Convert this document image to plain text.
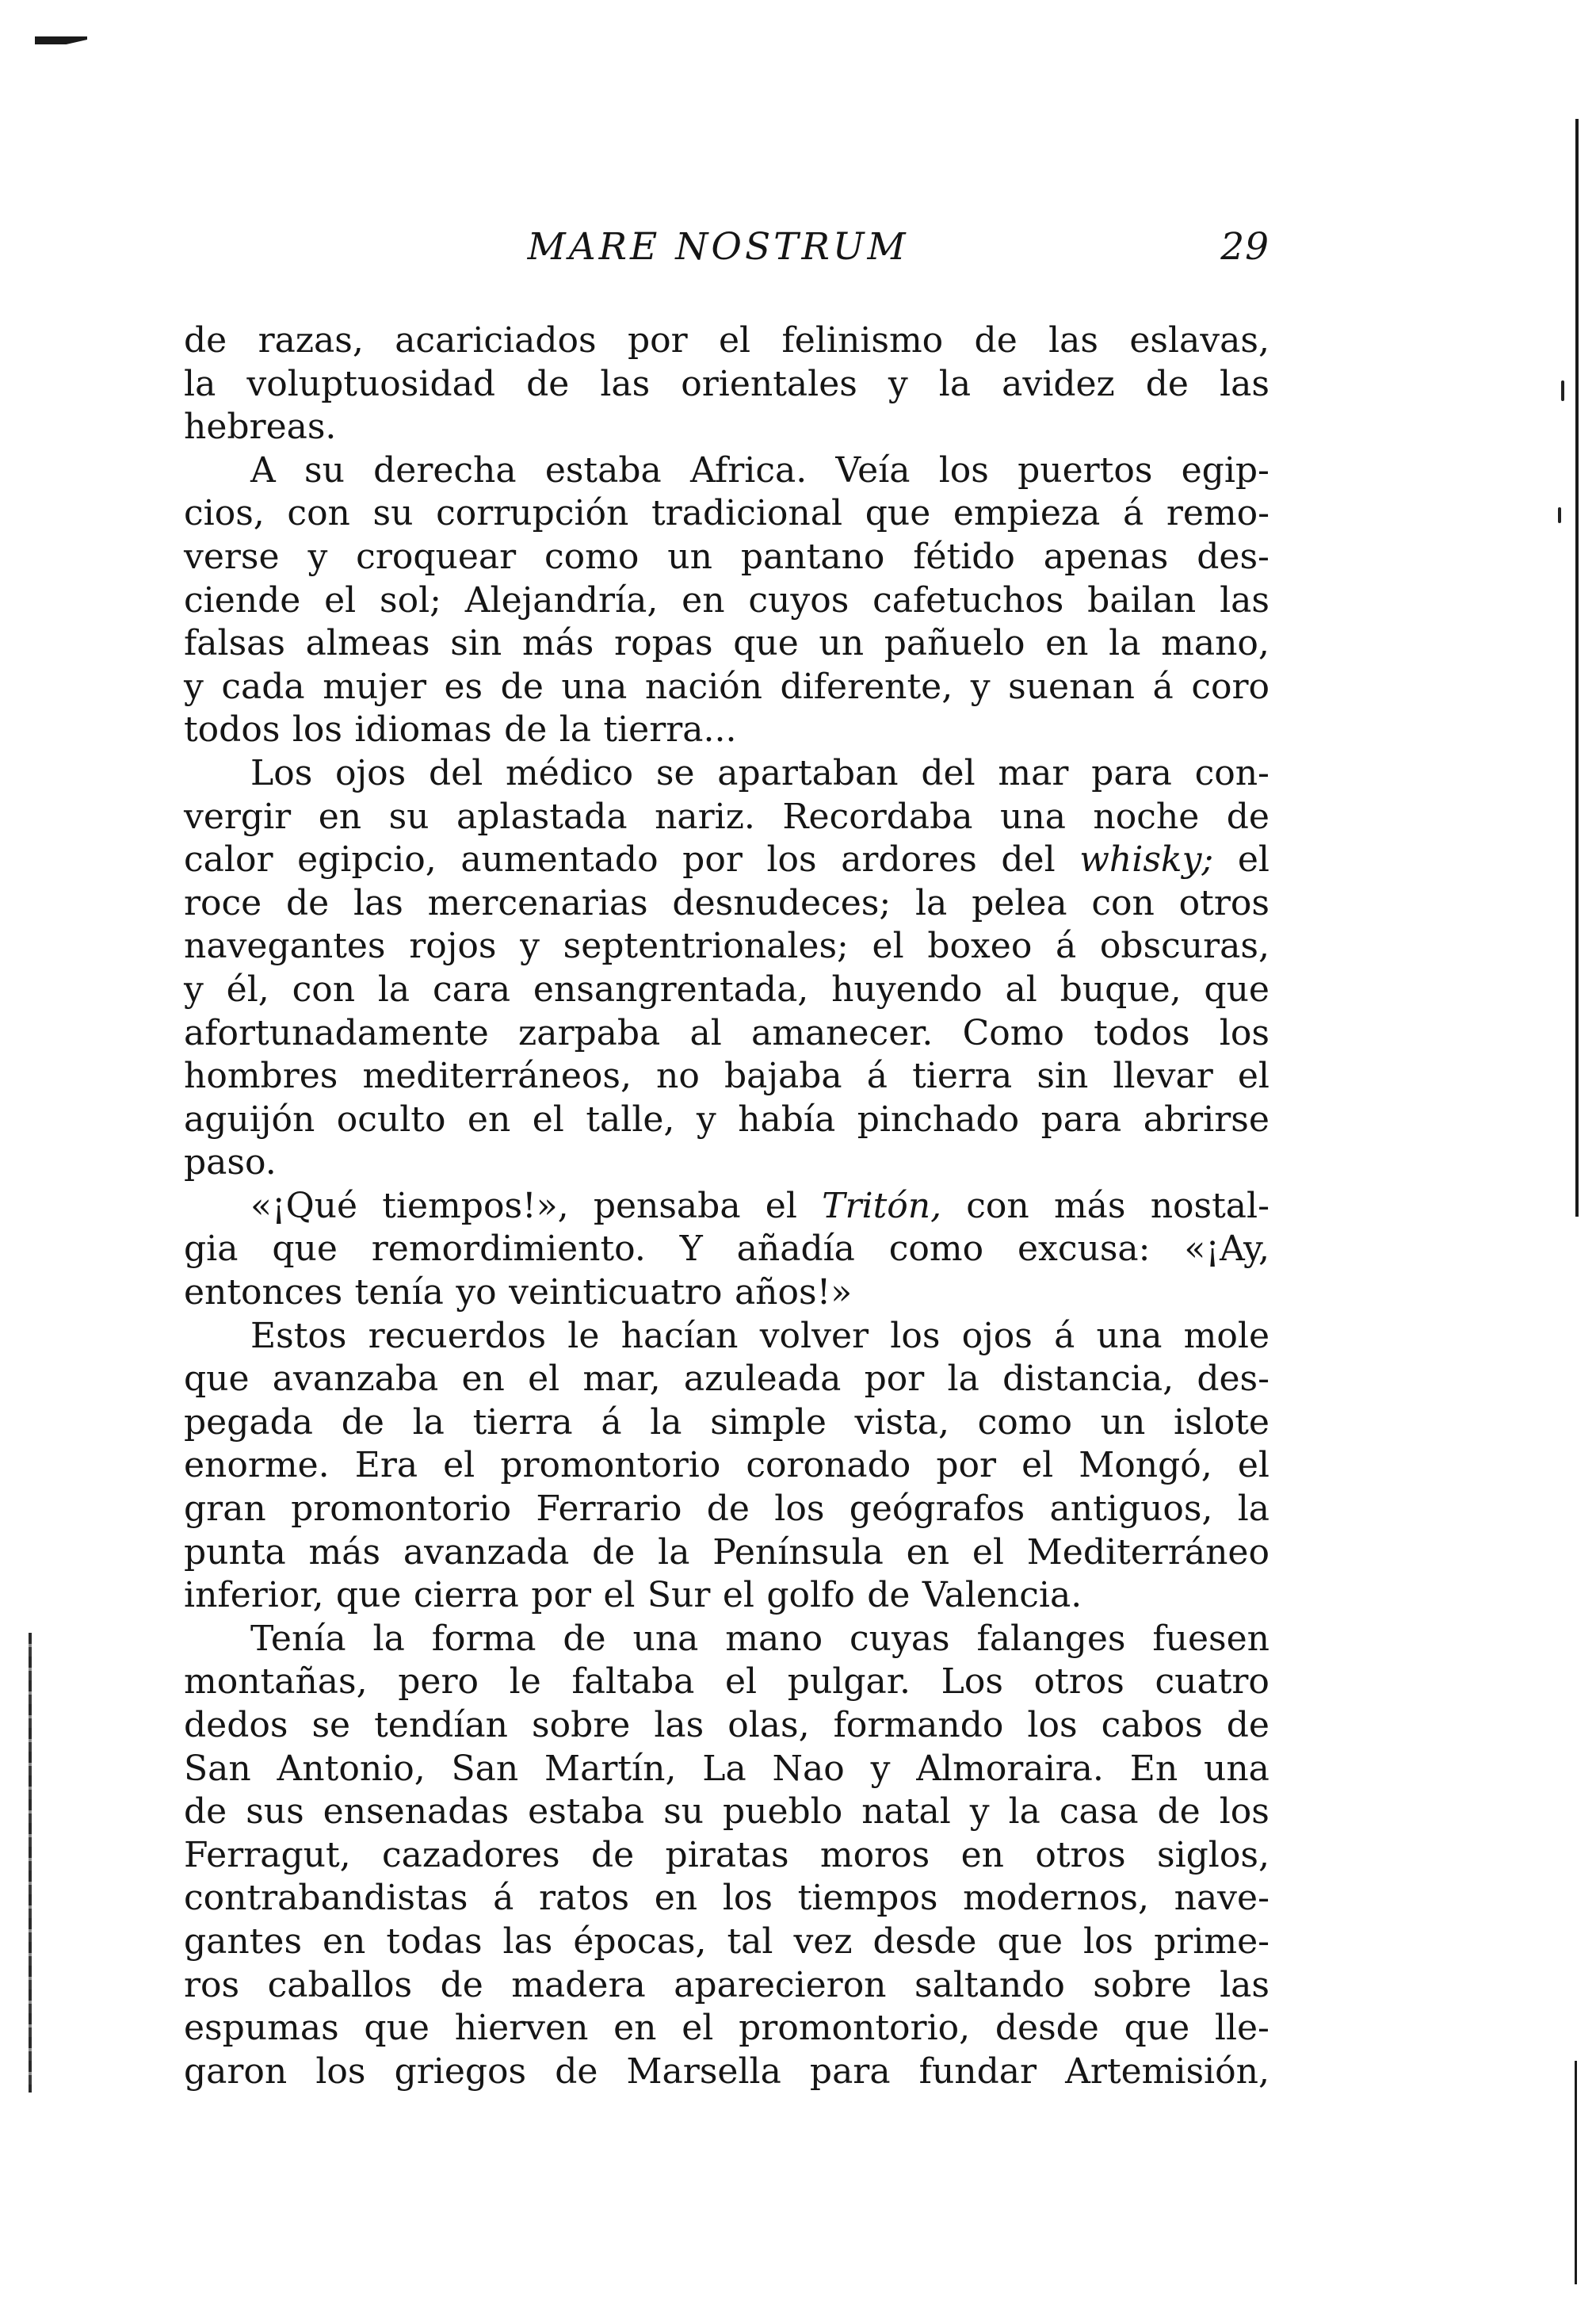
MARE NOSTRUM	29
de razas, acariciados por el felinismo de las eslavas,
la voluptuosidad de las orientales y la avidez de las
hebreas.
A su derecha estaba Africa. Veía los puertos egip-
cios, con su corrupción tradicional que empieza á remo-
verse y croquear como un pantano fétido apenas des-
ciende el sol; Alejandría, en cuyos cafetuchos bailan las
falsas almeas sin más ropas que un pañuelo en la mano,
y cada mujer es de una nación diferente, y suenan á coro
todos los idiomas de la tierra...
Los ojos del médico se apartaban del mar para con-
vergir en su aplastada nariz. Recordaba una noche de
calor egipcio, aumentado por los ardores del whisky; el
roce de las mercenarias desnudeces; la pelea con otros
navegantes rojos y septentrionales; el boxeo á obscuras,
y él, con la cara ensangrentada, huyendo al buque, que
afortunadamente zarpaba al amanecer. Como todos los
hombres mediterráneos, no bajaba á tierra sin llevar el
aguijón oculto en el talle, y había pinchado para abrirse
paso.
«¡Qué tiempos!», pensaba el Tritón, con más nostal-
gia que remordimiento. Y añadía como excusa: «¡Ay,
entonces tenía yo veinticuatro años!»
Estos recuerdos le hacían volver los ojos á una mole
que avanzaba en el mar, azuleada por la distancia, des-
pegada de la tierra á la simple vista, como un islote
enorme. Era el promontorio coronado por el Mongó, el
gran promontorio Ferrario de los geógrafos antiguos, la
punta más avanzada de la Península en el Mediterráneo
inferior, que cierra por el Sur el golfo de Valencia.
Tenía la forma de una mano cuyas falanges fuesen
montañas, pero le faltaba el pulgar. Los otros cuatro
dedos se tendían sobre las olas, formando los cabos de
San Antonio, San Martín, La Nao y Almoraira. En una
de sus ensenadas estaba su pueblo natal y la casa de los
Ferragut, cazadores de piratas moros en otros siglos,
contrabandistas á ratos en los tiempos modernos, nave-
gantes en todas las épocas, tal vez desde que los prime-
ros caballos de madera aparecieron saltando sobre las
espumas que hierven en el promontorio, desde que lle-
garon los griegos de Marsella para fundar Artemisión,
